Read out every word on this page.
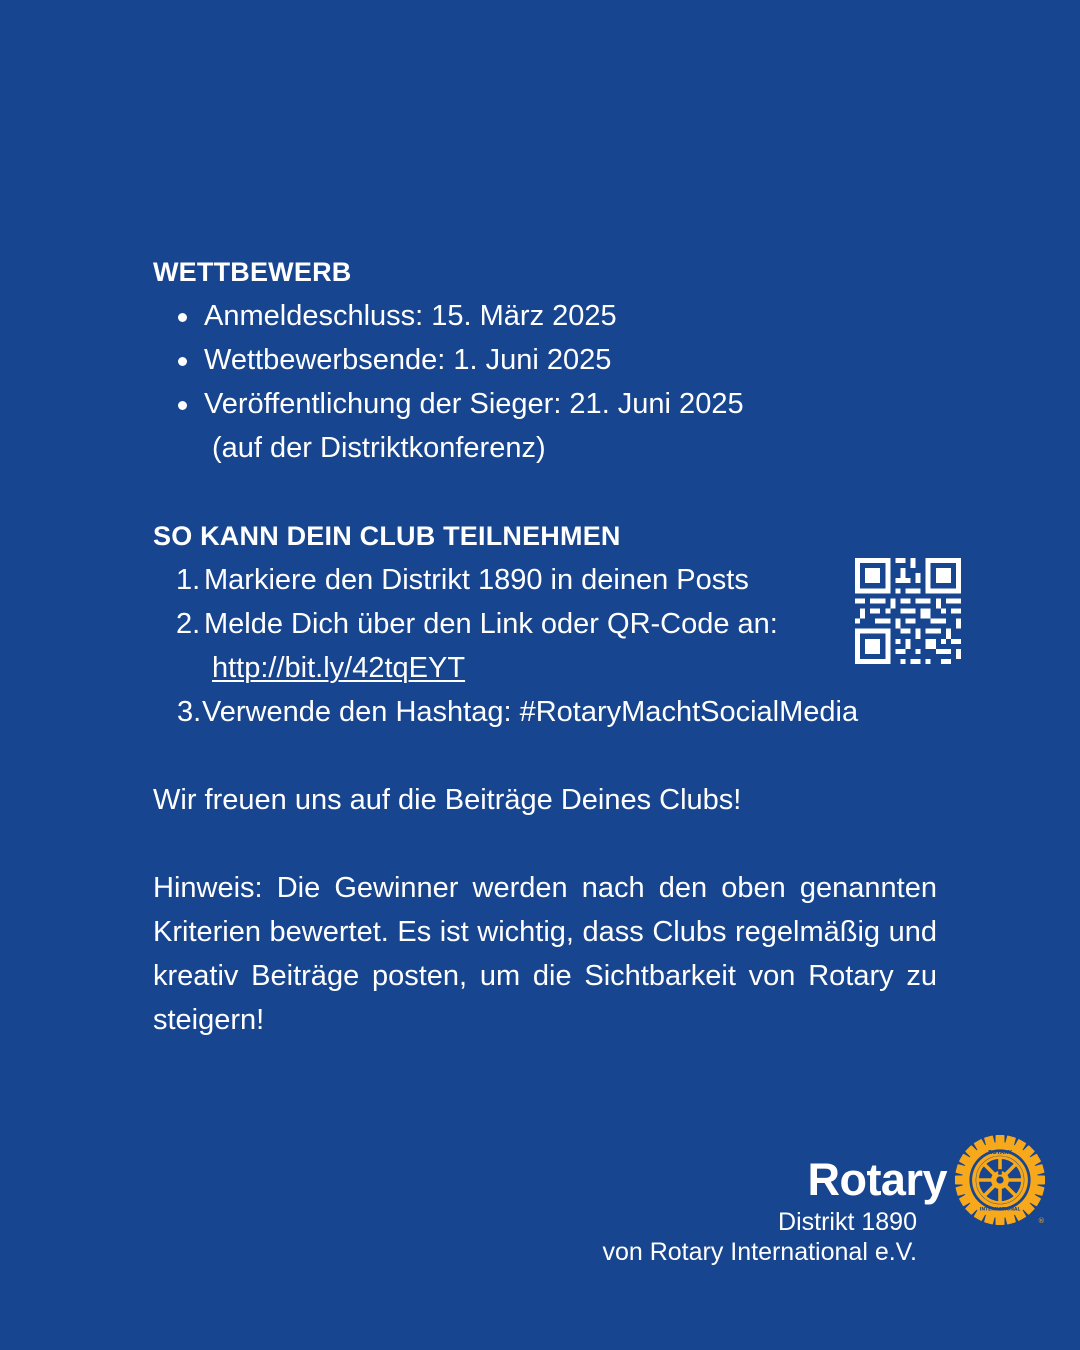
WETTBEWERB
Anmeldeschluss: 15. März 2025
Wettbewerbsende: 1. Juni 2025
Veröffentlichung der Sieger: 21. Juni 2025
(auf der Distriktkonferenz)
SO KANN DEIN CLUB TEILNEHMEN
1. Markiere den Distrikt 1890 in deinen Posts
2. Melde Dich über den Link oder QR-Code an:
http://bit.ly/42tqEYT
3. Verwende den Hashtag: #RotaryMachtSocialMedia

Wir freuen uns auf die Beiträge Deines Clubs!

Hinweis: Die Gewinner werden nach den oben genannten Kriterien bewertet. Es ist wichtig, dass Clubs regelmäßig und kreativ Beiträge posten, um die Sichtbarkeit von Rotary zu steigern!

Rotary
Distrikt 1890
von Rotary International e.V.
ROTARY
INTERNATIONAL
®
